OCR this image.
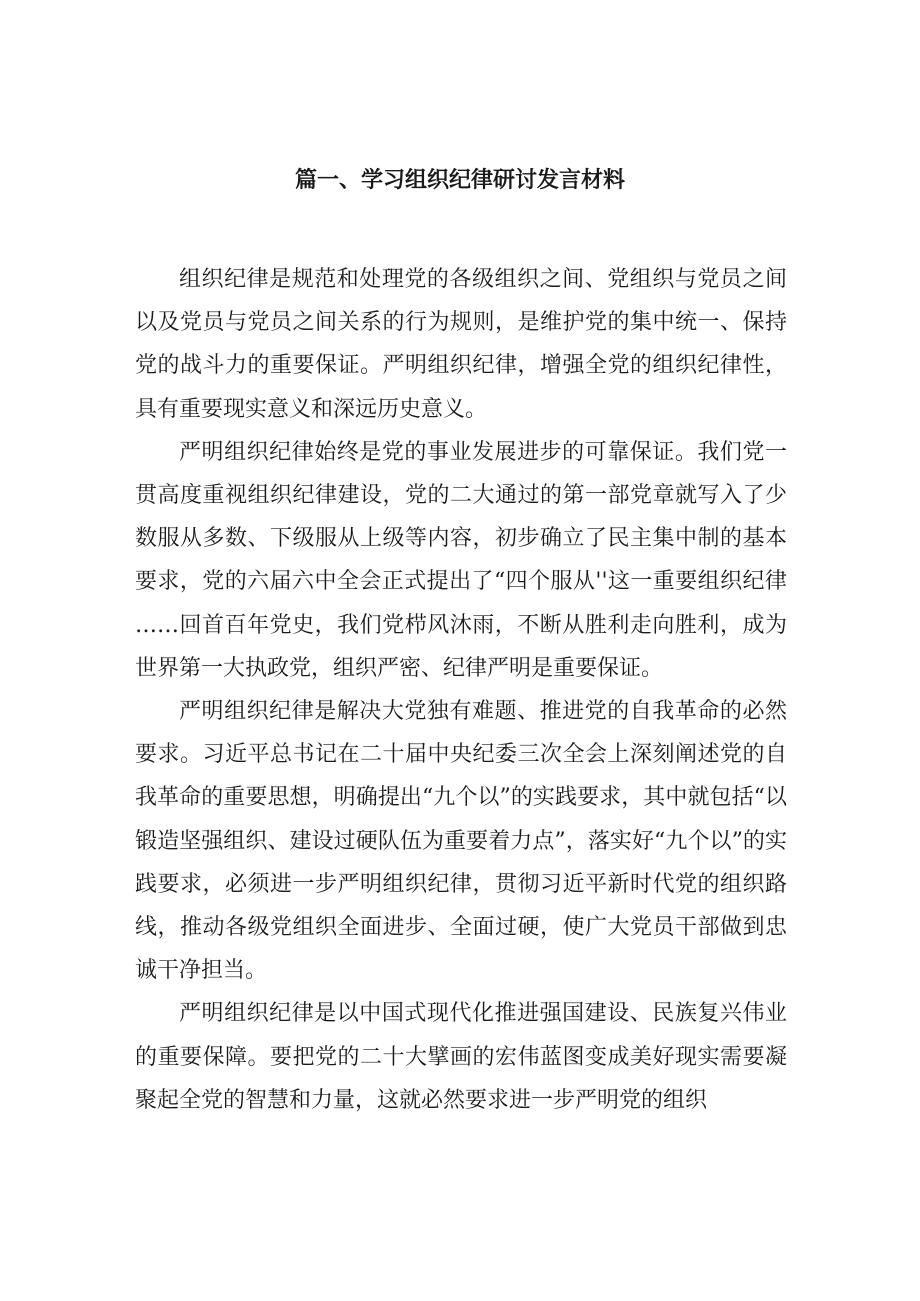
篇一、学习组织纪律研讨发言材料

组织纪律是规范和处理党的各级组织之间、党组织与党员之间以及党员与党员之间关系的行为规则，是维护党的集中统一、保持党的战斗力的重要保证。严明组织纪律，增强全党的组织纪律性，具有重要现实意义和深远历史意义。

严明组织纪律始终是党的事业发展进步的可靠保证。我们党一贯高度重视组织纪律建设，党的二大通过的第一部党章就写入了少数服从多数、下级服从上级等内容，初步确立了民主集中制的基本要求，党的六届六中全会正式提出了“四个服从''这一重要组织纪律……回首百年党史，我们党栉风沐雨，不断从胜利走向胜利，成为世界第一大执政党，组织严密、纪律严明是重要保证。

严明组织纪律是解决大党独有难题、推进党的自我革命的必然要求。习近平总书记在二十届中央纪委三次全会上深刻阐述党的自我革命的重要思想，明确提出“九个以”的实践要求，其中就包括“以锻造坚强组织、建设过硬队伍为重要着力点”，落实好“九个以”的实践要求，必须进一步严明组织纪律，贯彻习近平新时代党的组织路线，推动各级党组织全面进步、全面过硬，使广大党员干部做到忠诚干净担当。

严明组织纪律是以中国式现代化推进强国建设、民族复兴伟业的重要保障。要把党的二十大擘画的宏伟蓝图变成美好现实需要凝聚起全党的智慧和力量，这就必然要求进一步严明党的组织
